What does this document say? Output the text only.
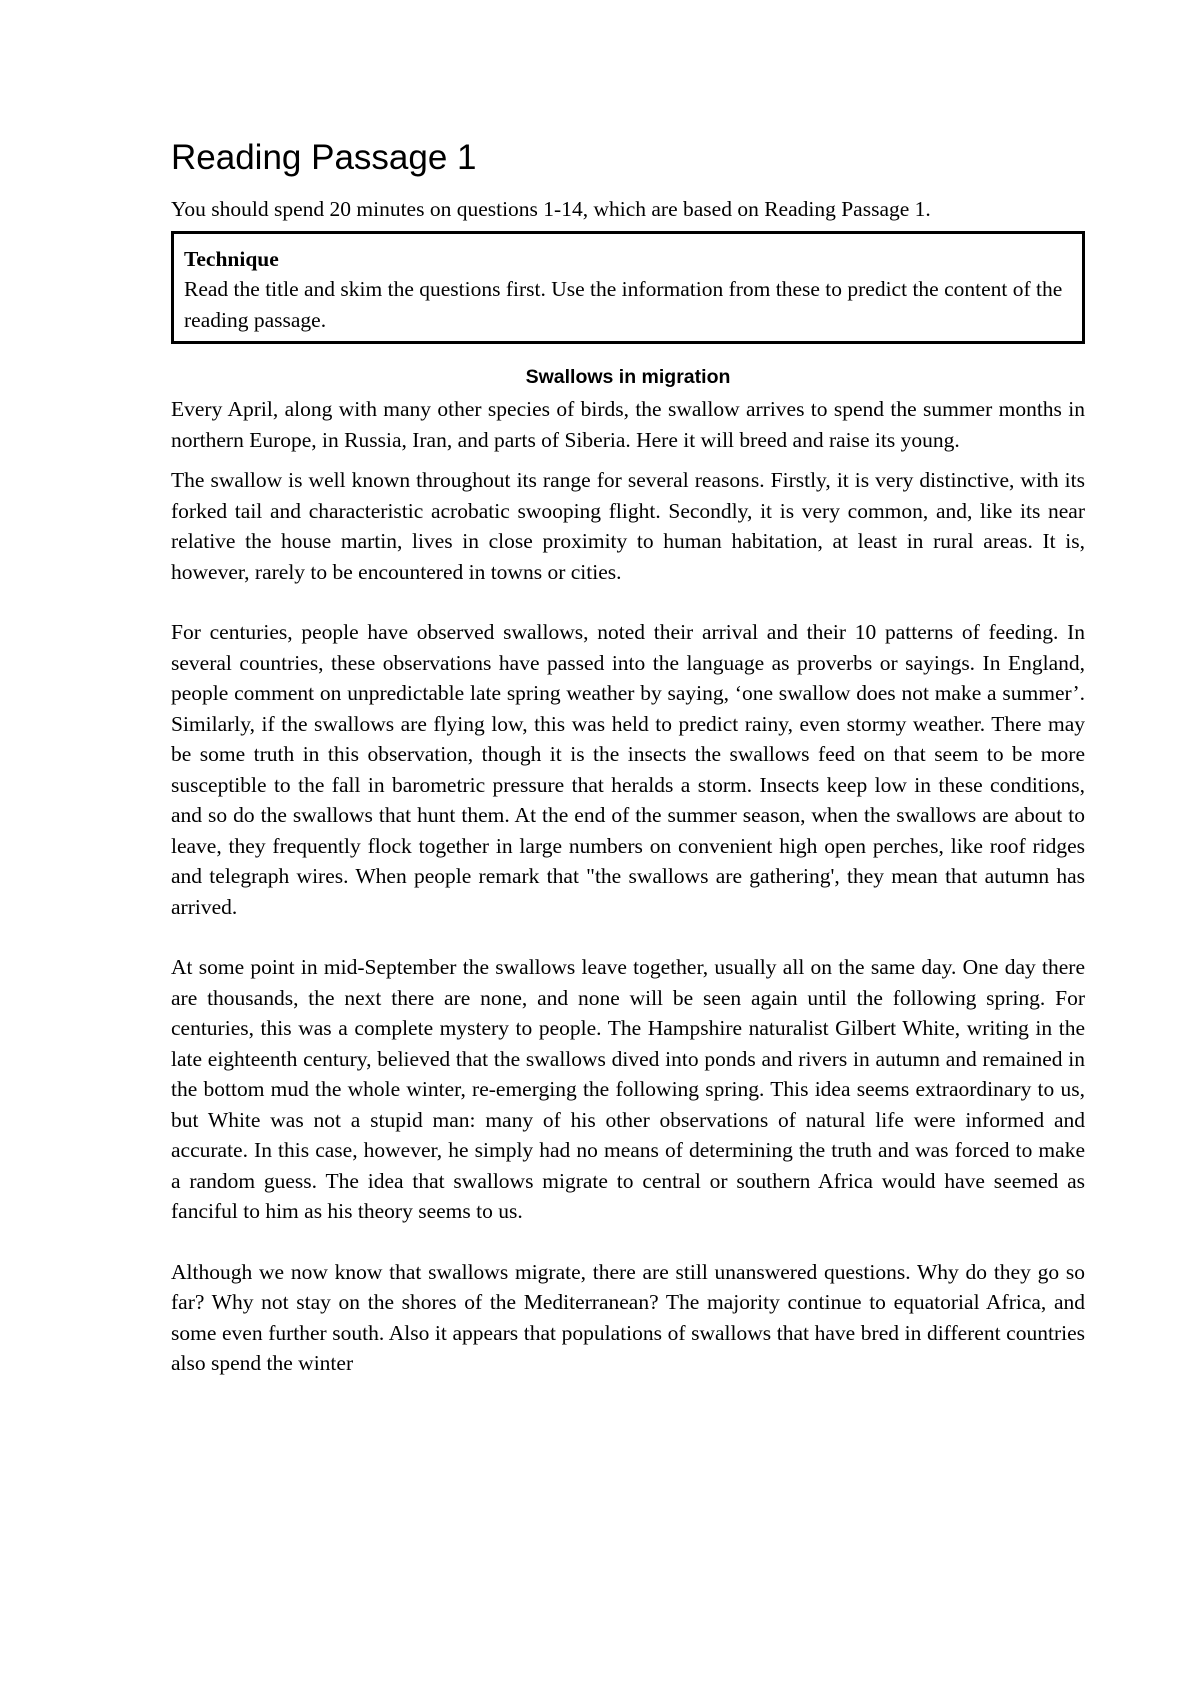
Reading Passage 1

You should spend 20 minutes on questions 1-14, which are based on Reading Passage 1.

Technique

Read the title and skim the questions first. Use the information from these to predict the content of the reading passage.

Swallows in migration

Every April, along with many other species of birds, the swallow arrives to spend the summer months in northern Europe, in Russia, Iran, and parts of Siberia. Here it will breed and raise its young.

The swallow is well known throughout its range for several reasons. Firstly, it is very distinctive, with its forked tail and characteristic acrobatic swooping flight. Secondly, it is very common, and, like its near relative the house martin, lives in close proximity to human habitation, at least in rural areas. It is, however, rarely to be encountered in towns or cities.

For centuries, people have observed swallows, noted their arrival and their 10 patterns of feeding. In several countries, these observations have passed into the language as proverbs or sayings. In England, people comment on unpredictable late spring weather by saying, ‘one swallow does not make a summer’. Similarly, if the swallows are flying low, this was held to predict rainy, even stormy weather. There may be some truth in this observation, though it is the insects the swallows feed on that seem to be more susceptible to the fall in barometric pressure that heralds a storm. Insects keep low in these conditions, and so do the swallows that hunt them. At the end of the summer season, when the swallows are about to leave, they frequently flock together in large numbers on convenient high open perches, like roof ridges and telegraph wires. When people remark that "the swallows are gathering', they mean that autumn has arrived.

At some point in mid-September the swallows leave together, usually all on the same day. One day there are thousands, the next there are none, and none will be seen again until the following spring. For centuries, this was a complete mystery to people. The Hampshire naturalist Gilbert White, writing in the late eighteenth century, believed that the swallows dived into ponds and rivers in autumn and remained in the bottom mud the whole winter, re-emerging the following spring. This idea seems extraordinary to us, but White was not a stupid man: many of his other observations of natural life were informed and accurate. In this case, however, he simply had no means of determining the truth and was forced to make a random guess. The idea that swallows migrate to central or southern Africa would have seemed as fanciful to him as his theory seems to us.

Although we now know that swallows migrate, there are still unanswered questions. Why do they go so far? Why not stay on the shores of the Mediterranean? The majority continue to equatorial Africa, and some even further south. Also it appears that populations of swallows that have bred in different countries also spend the winter
